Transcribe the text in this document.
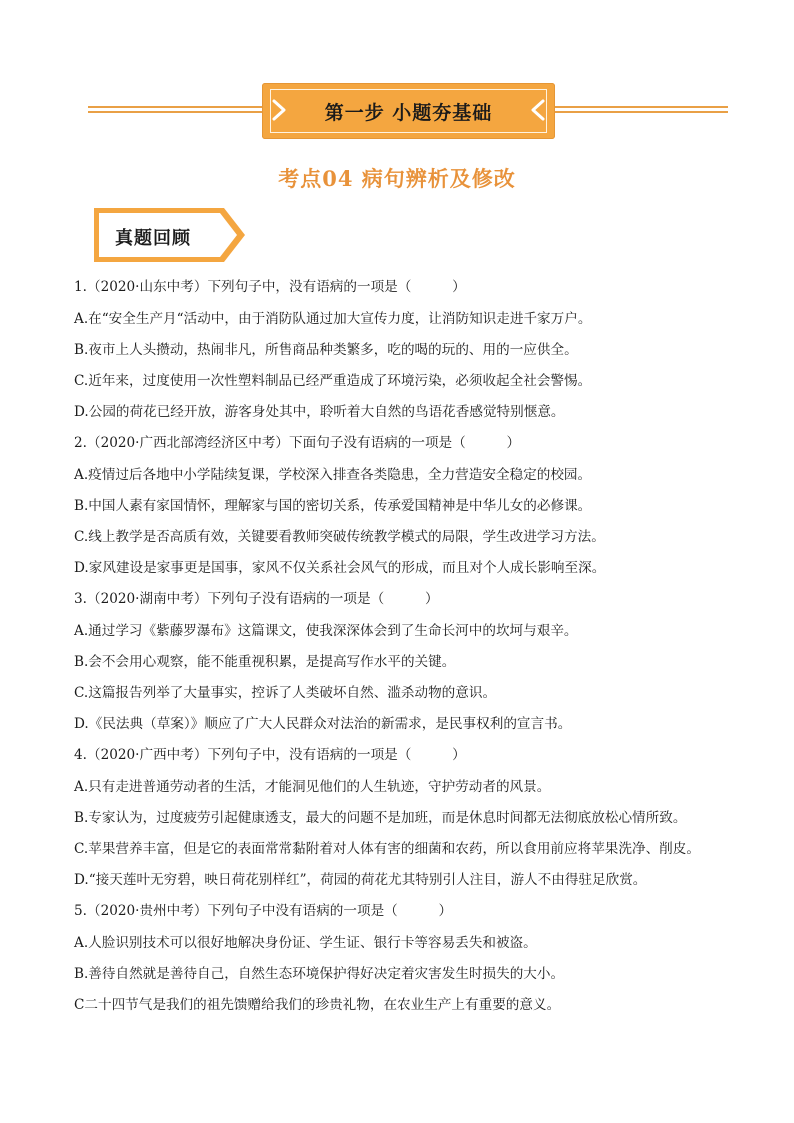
第一步 小题夯基础
考点04 病句辨析及修改
真题回顾
1.（2020·山东中考）下列句子中，没有语病的一项是（　　　）
A.在“安全生产月“活动中，由于消防队通过加大宣传力度，让消防知识走进千家万户。
B.夜市上人头攒动，热闹非凡，所售商品种类繁多，吃的喝的玩的、用的一应供全。
C.近年来，过度使用一次性塑料制品已经严重造成了环境污染，必须收起全社会警惕。
D.公园的荷花已经开放，游客身处其中，聆听着大自然的鸟语花香感觉特别惬意。
2.（2020·广西北部湾经济区中考）下面句子没有语病的一项是（　　　）
A.疫情过后各地中小学陆续复课，学校深入排查各类隐患，全力营造安全稳定的校园。
B.中国人素有家国情怀，理解家与国的密切关系，传承爱国精神是中华儿女的必修课。
C.线上教学是否高质有效，关键要看教师突破传统教学模式的局限，学生改进学习方法。
D.家风建设是家事更是国事，家风不仅关系社会风气的形成，而且对个人成长影响至深。
3.（2020·湖南中考）下列句子没有语病的一项是（　　　）
A.通过学习《紫藤罗瀑布》这篇课文，使我深深体会到了生命长河中的坎坷与艰辛。
B.会不会用心观察，能不能重视积累，是提高写作水平的关键。
C.这篇报告列举了大量事实，控诉了人类破坏自然、滥杀动物的意识。
D.《民法典（草案）》顺应了广大人民群众对法治的新需求，是民事权利的宣言书。
4.（2020·广西中考）下列句子中，没有语病的一项是（　　　）
A.只有走进普通劳动者的生活，才能洞见他们的人生轨迹，守护劳动者的风景。
B.专家认为，过度疲劳引起健康透支，最大的问题不是加班，而是休息时间都无法彻底放松心情所致。
C.苹果营养丰富，但是它的表面常常黏附着对人体有害的细菌和农药，所以食用前应将苹果洗净、削皮。
D.“接天莲叶无穷碧，映日荷花别样红”，荷园的荷花尤其特别引人注目，游人不由得驻足欣赏。
5.（2020·贵州中考）下列句子中没有语病的一项是（　　　）
A.人脸识别技术可以很好地解决身份证、学生证、银行卡等容易丢失和被盗。
B.善待自然就是善待自己，自然生态环境保护得好决定着灾害发生时损失的大小。
C二十四节气是我们的祖先馈赠给我们的珍贵礼物，在农业生产上有重要的意义。
